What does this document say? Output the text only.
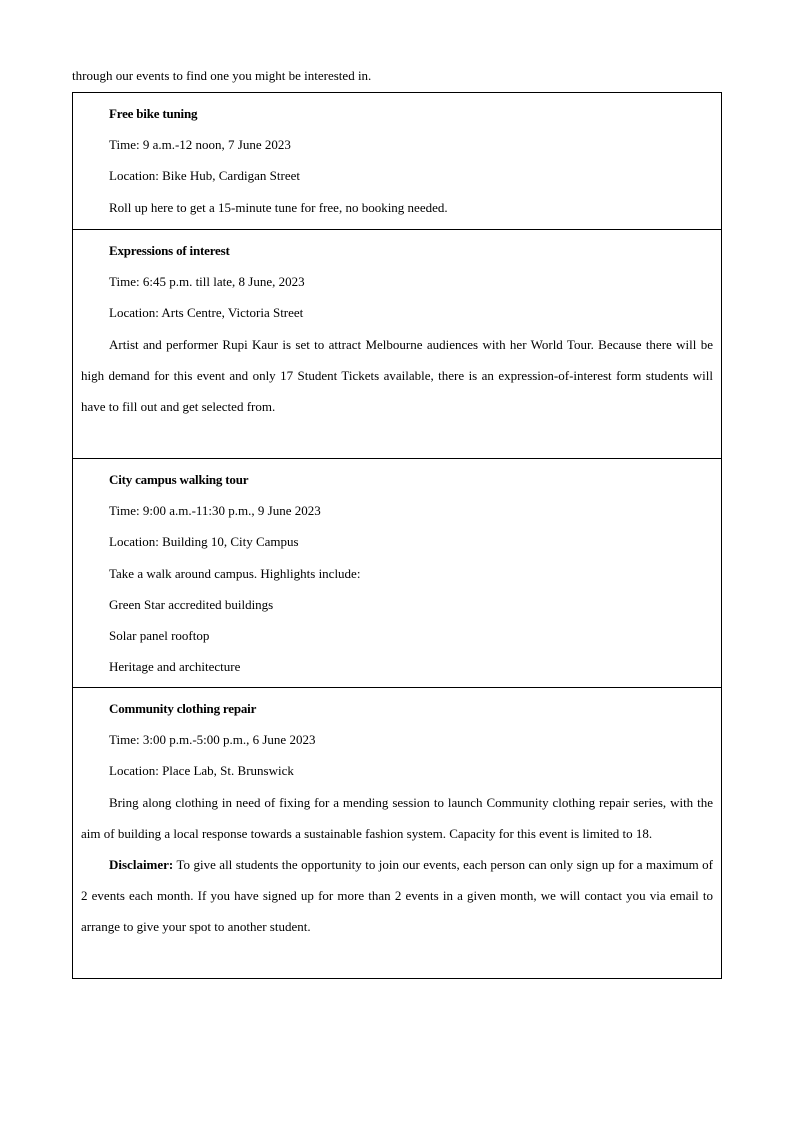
through our events to find one you might be interested in.
Free bike tuning
Time: 9 a.m.-12 noon, 7 June 2023
Location: Bike Hub, Cardigan Street
Roll up here to get a 15-minute tune for free, no booking needed.
Expressions of interest
Time: 6:45 p.m. till late, 8 June, 2023
Location: Arts Centre, Victoria Street
Artist and performer Rupi Kaur is set to attract Melbourne audiences with her World Tour. Because there will be high demand for this event and only 17 Student Tickets available, there is an expression-of-interest form students will have to fill out and get selected from.
City campus walking tour
Time: 9:00 a.m.-11:30 p.m., 9 June 2023
Location: Building 10, City Campus
Take a walk around campus. Highlights include:
Green Star accredited buildings
Solar panel rooftop
Heritage and architecture
Community clothing repair
Time: 3:00 p.m.-5:00 p.m., 6 June 2023
Location: Place Lab, St. Brunswick
Bring along clothing in need of fixing for a mending session to launch Community clothing repair series, with the aim of building a local response towards a sustainable fashion system. Capacity for this event is limited to 18.
Disclaimer: To give all students the opportunity to join our events, each person can only sign up for a maximum of 2 events each month. If you have signed up for more than 2 events in a given month, we will contact you via email to arrange to give your spot to another student.
